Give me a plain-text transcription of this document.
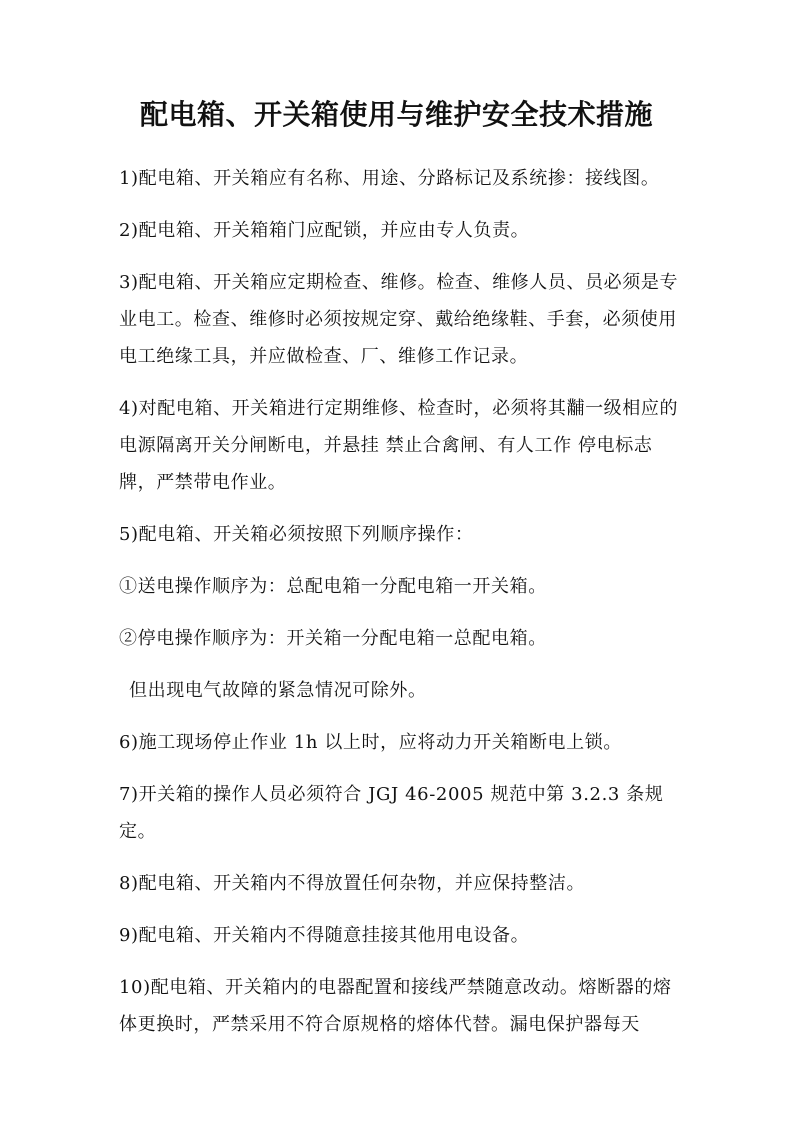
配电箱、开关箱使用与维护安全技术措施

1)配电箱、开关箱应有名称、用途、分路标记及系统掺：接线图。

2)配电箱、开关箱箱门应配锁，并应由专人负责。

3)配电箱、开关箱应定期检查、维修。检查、维修人员、员必须是专业电工。检查、维修时必须按规定穿、戴给绝缘鞋、手套，必须使用电工绝缘工具，并应做检查、厂、维修工作记录。

4)对配电箱、开关箱进行定期维修、检查时，必须将其黼一级相应的电源隔离开关分闸断电，并悬挂 禁止合禽闸、有人工作 停电标志牌，严禁带电作业。

5)配电箱、开关箱必须按照下列顺序操作：

①送电操作顺序为：总配电箱一分配电箱一开关箱。

②停电操作顺序为：开关箱一分配电箱一总配电箱。

但出现电气故障的紧急情况可除外。

6)施工现场停止作业 1h 以上时，应将动力开关箱断电上锁。

7)开关箱的操作人员必须符合 JGJ 46-2005 规范中第 3.2.3 条规定。

8)配电箱、开关箱内不得放置任何杂物，并应保持整洁。

9)配电箱、开关箱内不得随意挂接其他用电设备。

10)配电箱、开关箱内的电器配置和接线严禁随意改动。熔断器的熔体更换时，严禁采用不符合原规格的熔体代替。漏电保护器每天
